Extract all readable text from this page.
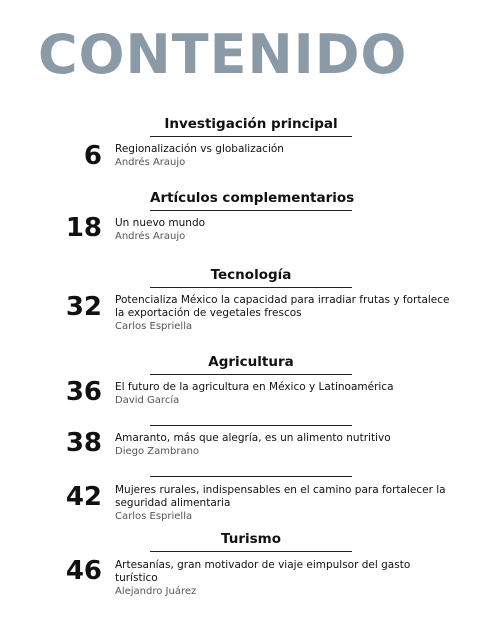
CONTENIDO
Investigación principal
6 Regionalización vs globalización
Andrés Araujo
Artículos complementarios
18 Un nuevo mundo
Andrés Araujo
Tecnología
32 Potencializa México la capacidad para irradiar frutas y fortalece la exportación de vegetales frescos
Carlos Espriella
Agricultura
36 El futuro de la agricultura en México y Latinoamérica
David García
38 Amaranto, más que alegría, es un alimento nutritivo
Diego Zambrano
42 Mujeres rurales, indispensables en el camino para fortalecer la seguridad alimentaria
Carlos Espriella
Turismo
46 Artesanías, gran motivador de viaje eimpulsor del gasto turístico
Alejandro Juárez
